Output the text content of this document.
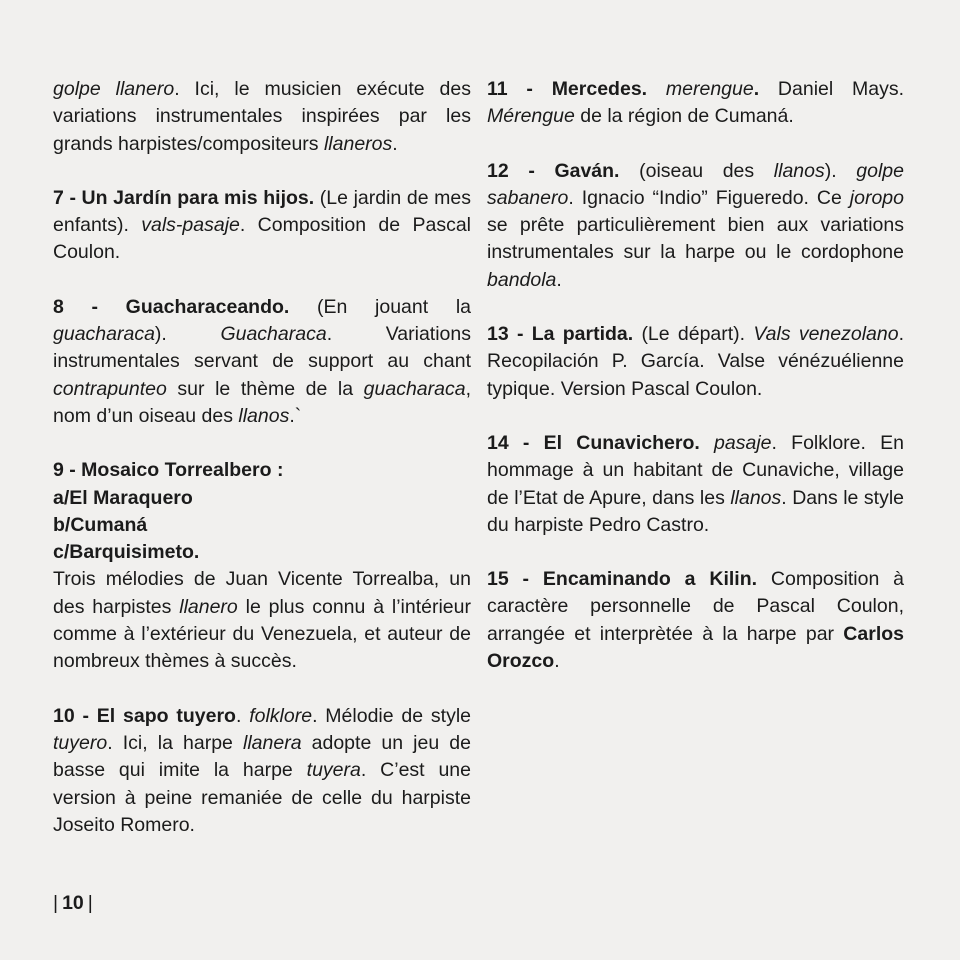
golpe llanero. Ici, le musicien exécute des variations instrumentales inspirées par les grands harpistes/compositeurs llaneros.

7 - Un Jardín para mis hijos. (Le jardin de mes enfants). vals-pasaje. Composition de Pascal Coulon.

8 - Guacharaceando. (En jouant la guacharaca). Guacharaca. Variations instrumentales servant de support au chant contrapunteo sur le thème de la guacharaca, nom d’un oiseau des llanos.`

9 - Mosaico Torrealbero :
a/El Maraquero
b/Cumaná
c/Barquisimeto.
Trois mélodies de Juan Vicente Torrealba, un des harpistes llanero le plus connu à l’intérieur comme à l’extérieur du Venezuela, et auteur de nombreux thèmes à succès.

10 - El sapo tuyero. folklore. Mélodie de style tuyero. Ici, la harpe llanera adopte un jeu de basse qui imite la harpe tuyera. C’est une version à peine remaniée de celle du harpiste Joseito Romero.

11 - Mercedes. merengue. Daniel Mays. Mérengue de la région de Cumaná.

12 - Gaván. (oiseau des llanos). golpe sabanero. Ignacio “Indio” Figueredo. Ce joropo se prête particulièrement bien aux variations instrumentales sur la harpe ou le cordophone bandola.

13 - La partida. (Le départ). Vals venezolano. Recopilación P. García. Valse vénézuélienne typique. Version Pascal Coulon.

14 - El Cunavichero. pasaje. Folklore. En hommage à un habitant de Cunaviche, village de l’Etat de Apure, dans les llanos. Dans le style du harpiste Pedro Castro.

15 - Encaminando a Kilin. Composition à caractère personnelle de Pascal Coulon, arrangée et interprètée à la harpe par Carlos Orozco.

| 10 |
